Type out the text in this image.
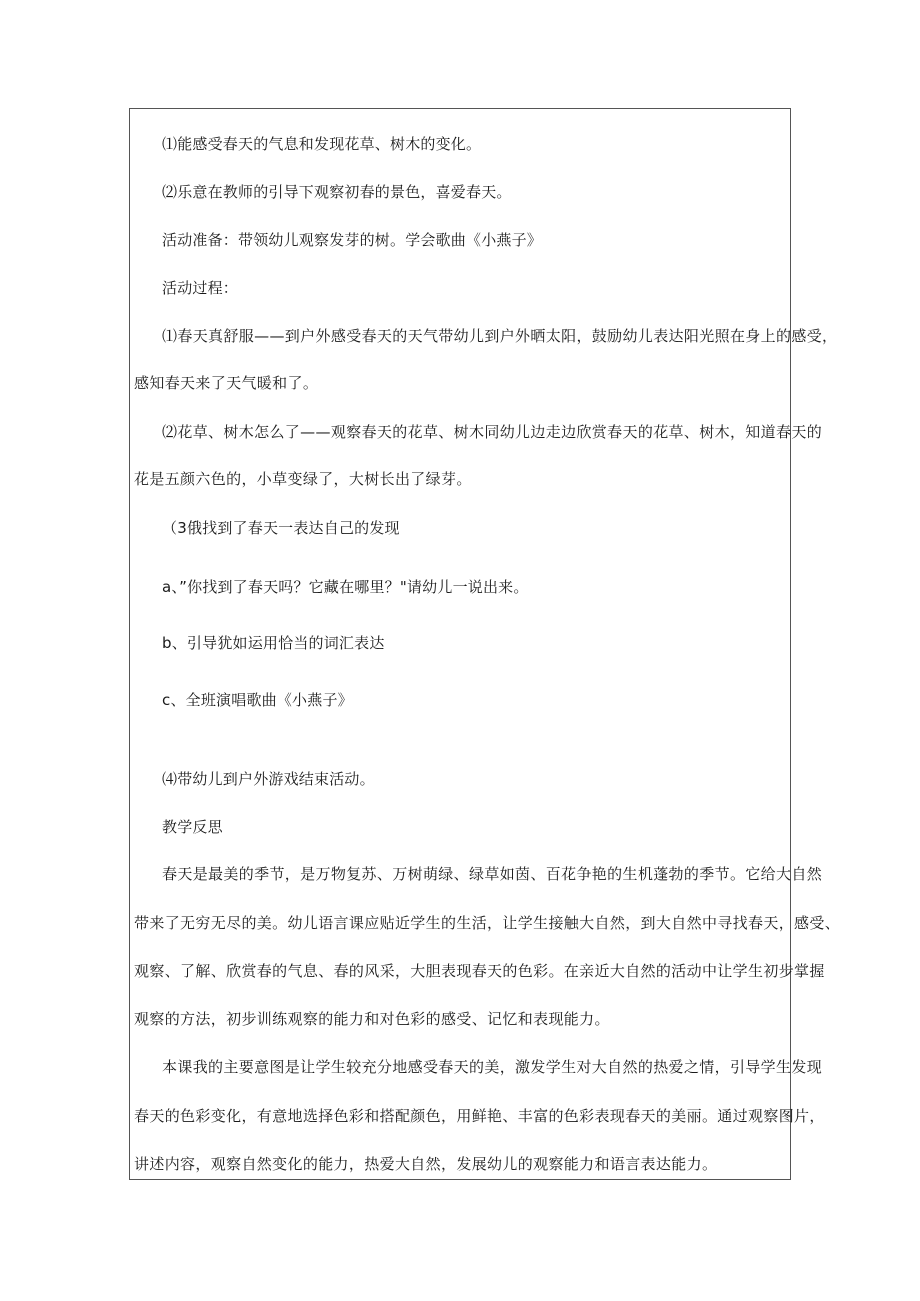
⑴能感受春天的气息和发现花草、树木的变化。
⑵乐意在教师的引导下观察初春的景色，喜爱春天。
活动准备：带领幼儿观察发芽的树。学会歌曲《小燕子》
活动过程：
⑴春天真舒服——到户外感受春天的天气带幼儿到户外晒太阳，鼓励幼儿表达阳光照在身上的感受，
感知春天来了天气暖和了。
⑵花草、树木怎么了——观察春天的花草、树木同幼儿边走边欣赏春天的花草、树木，知道春天的
花是五颜六色的，小草变绿了，大树长出了绿芽。
（3俄找到了春天一表达自己的发现
a、”你找到了春天吗？它藏在哪里？"请幼儿一说出来。
b、引导犹如运用恰当的词汇表达
c、全班演唱歌曲《小燕子》
⑷带幼儿到户外游戏结束活动。
教学反思
春天是最美的季节，是万物复苏、万树萌绿、绿草如茵、百花争艳的生机蓬勃的季节。它给大自然
带来了无穷无尽的美。幼儿语言课应贴近学生的生活，让学生接触大自然，到大自然中寻找春天，感受、
观察、了解、欣赏春的气息、春的风采，大胆表现春天的色彩。在亲近大自然的活动中让学生初步掌握
观察的方法，初步训练观察的能力和对色彩的感受、记忆和表现能力。
本课我的主要意图是让学生较充分地感受春天的美，激发学生对大自然的热爱之情，引导学生发现
春天的色彩变化，有意地选择色彩和搭配颜色，用鲜艳、丰富的色彩表现春天的美丽。通过观察图片，
讲述内容，观察自然变化的能力，热爱大自然，发展幼儿的观察能力和语言表达能力。
